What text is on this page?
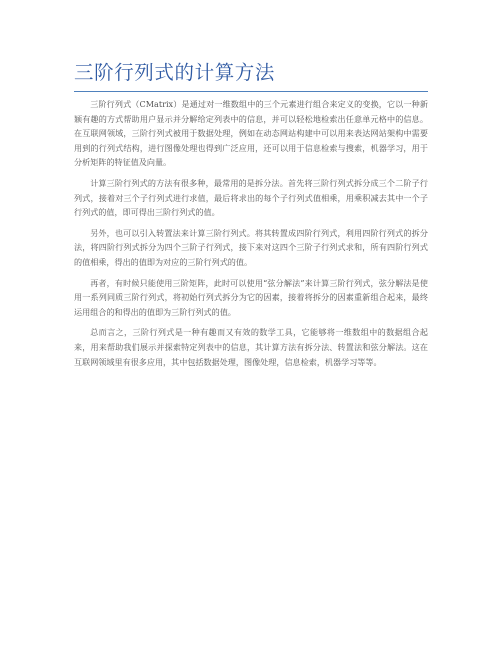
三阶行列式的计算方法

三阶行列式（CMatrix）是通过对一维数组中的三个元素进行组合来定义的变换，它以一种新颖有趣的方式帮助用户显示并分解给定列表中的信息，并可以轻松地检索出任意单元格中的信息。在互联网领域，三阶行列式被用于数据处理，例如在动态网站构建中可以用来表达网站架构中需要用到的行列式结构，进行图像处理也得到广泛应用，还可以用于信息检索与搜索，机器学习，用于分析矩阵的特征值及向量。

计算三阶行列式的方法有很多种，最常用的是拆分法。首先将三阶行列式拆分成三个二阶子行列式，接着对三个子行列式进行求值，最后将求出的每个子行列式值相乘，用乘积减去其中一个子行列式的值，即可得出三阶行列式的值。

另外，也可以引入转置法来计算三阶行列式。将其转置成四阶行列式，利用四阶行列式的拆分法，将四阶行列式拆分为四个三阶子行列式，接下来对这四个三阶子行列式求和，所有四阶行列式的值相乘，得出的值即为对应的三阶行列式的值。

再者，有时候只能使用三阶矩阵，此时可以使用“弦分解法”来计算三阶行列式，弦分解法是使用一系列同质三阶行列式，将初始行列式拆分为它的因素，接着将拆分的因素重新组合起来，最终运用组合的和得出的值即为三阶行列式的值。

总而言之，三阶行列式是一种有趣而又有效的数学工具，它能够将一维数组中的数据组合起来，用来帮助我们展示并探索特定列表中的信息，其计算方法有拆分法、转置法和弦分解法。这在互联网领域里有很多应用，其中包括数据处理，图像处理，信息检索，机器学习等等。
